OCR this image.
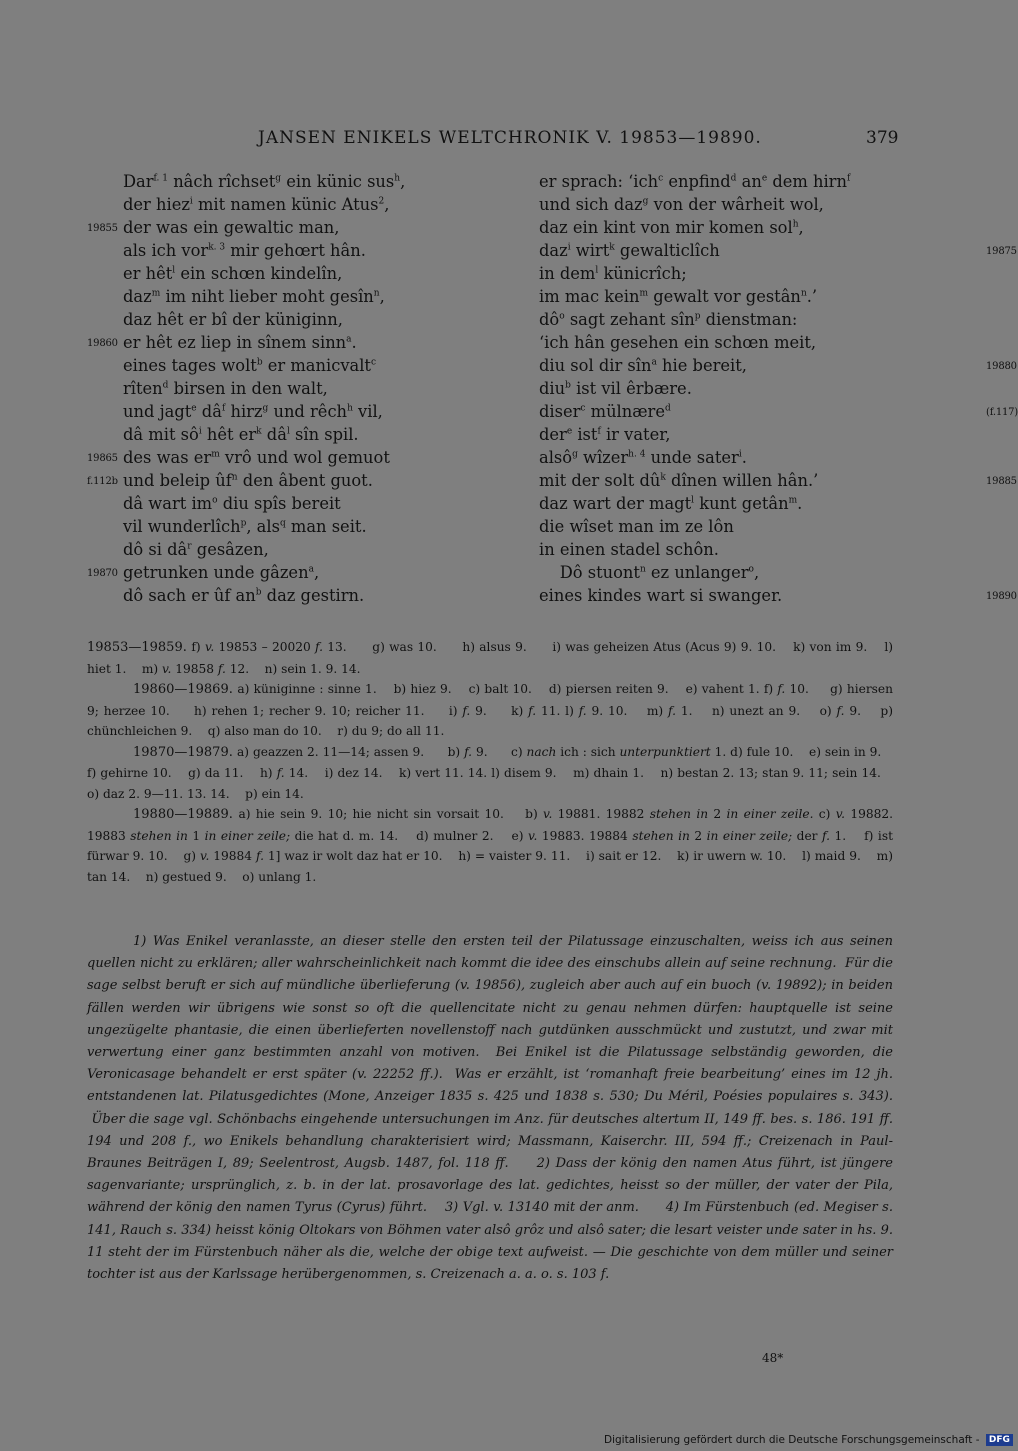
JANSEN ENIKELS WELTCHRONIK V. 19853—19890.	379
Dar$^{f. 1}$ nâch rîchset$^g$ ein künic sus$^h$,
der hiez$^i$ mit namen künic Atus$^2$,
19855 der was ein gewaltic man,
als ich vor$^{k. 3}$ mir gehœrt hân.
er hêt$^l$ ein schœn kindelîn,
daz$^m$ im niht lieber moht gesîn$^n$,
daz hêt er bî der küniginn,
19860 er hêt ez liep in sînem sinn$^a$.
eines tages wolt$^b$ er manicvalt$^c$
rîten$^d$ birsen in den walt,
und jagt$^e$ $dâ^f$ hirz$^g$ und rêch$^h$ vil,
dâ mit $sô^i$ hêt $er^k$ $dâ^l$ sîn spil.
19865 des was $er^m$ vrô und wol gemuot
f.112b und beleip $ûf^n$ den âbent guot.
dâ wart $im^o$ diu spîs bereit
vil wunderlîch$^p$, als$^q$ man seit.
dô si $dâ^r$ gesâzen,
19870 getrunken unde gâzen$^a$,
dô sach er ûf $an^b$ daz gestirn.
er sprach: ‘ich$^c$ enpfind$^d$ $an^e$ dem hirn$^f$
und sich daz$^g$ von der wârheit wol,
daz ein kint von mir komen sol$^h$,
19875
daz$^i$ wirt$^k$ gewalticlîch
in dem$^l$ künicrîch;
im mac kein$^m$ gewalt vor gestân$^n$.’
$dô^o$ sagt zehant sîn$^p$ dienstman:
‘ich hân gesehen ein schœn meit,
19880
diu sol dir sîn$^a$ hie bereit,
diu$^b$ ist vil êrbære.
(f.117)
diser$^c$ mülnære$^d$
der$^e$ ist$^f$ ir vater,
alsô$^g$ wîzer$^{h. 4}$ unde sater$^i$.
19885
mit der solt $dû^k$ dînen willen hân.’
daz wart der magt$^l$ kunt getân$^m$.
die wîset man im ze lôn
in einen stadel schôn.
Dô stuont$^n$ ez unlanger$^o$,
19890
eines kindes wart si swanger.

19853—19859. f) v. 19853 – 20020 f. 13.      g) was 10.      h) alsus 9.      i) was geheizen Atus (Acus 9) 9. 10.    k) von im 9.    l) hiet 1.    m) v. 19858 f. 12.    n) sein 1. 9. 14.

19860—19869. a) küniginne : sinne 1.    b) hiez 9.    c) balt 10.    d) piersen reiten 9.    e) vahent 1. f) f. 10.     g) hiersen 9; herzee 10.     h) rehen 1; recher 9. 10; reicher 11.     i) f. 9.     k) f. 11. l) f. 9. 10.    m) f. 1.    n) unezt an 9.    o) f. 9.    p) chünchleichen 9.    q) also man do 10.    r) du 9; do all 11.

19870—19879. a) geazzen 2. 11—14; assen 9.      b) f. 9.      c) nach ich : sich unterpunktiert 1. d) fule 10.    e) sein in 9.    f) gehirne 10.    g) da 11.    h) f. 14.    i) dez 14.    k) vert 11. 14. l) disem 9.    m) dhain 1.    n) bestan 2. 13; stan 9. 11; sein 14.    o) daz 2. 9—11. 13. 14.    p) ein 14.

19880—19889. a) hie sein 9. 10; hie nicht sin vorsait 10.    b) v. 19881. 19882 stehen in 2 in einer zeile. c) v. 19882. 19883 stehen in 1 in einer zeile; die hat d. m. 14.    d) mulner 2.    e) v. 19883. 19884 stehen in 2 in einer zeile; der f. 1.    f) ist fürwar 9. 10.    g) v. 19884 f. 1] waz ir wolt daz hat er 10.    h) = vaister 9. 11.    i) sait er 12.    k) ir uwern w. 10.    l) maid 9.    m) tan 14.    n) gestued 9.    o) unlang 1.

1) Was Enikel veranlasste, an dieser stelle den ersten teil der Pilatussage einzuschalten, weiss ich aus seinen quellen nicht zu erklären; aller wahrscheinlichkeit nach kommt die idee des einschubs allein auf seine rechnung.  Für die sage selbst beruft er sich auf mündliche überlieferung (v. 19856), zugleich aber auch auf ein buoch (v. 19892); in beiden fällen werden wir übrigens wie sonst so oft die quellencitate nicht zu genau nehmen dürfen: hauptquelle ist seine ungezügelte phantasie, die einen überlieferten novellenstoff nach gutdünken ausschmückt und zustutzt, und zwar mit verwertung einer ganz bestimmten anzahl von motiven.  Bei Enikel ist die Pilatussage selbständig geworden, die Veronicasage behandelt er erst später (v. 22252 ff.).  Was er erzählt, ist ‘romanhaft freie bearbeitung’ eines im 12 jh. entstandenen lat. Pilatusgedichtes (Mone, Anzeiger 1835 s. 425 und 1838 s. 530; Du Méril, Poésies populaires s. 343).  Über die sage vgl. Schönbachs eingehende untersuchungen im Anz. für deutsches altertum II, 149 ff. bes. s. 186. 191 ff. 194 und 208 f., wo Enikels behandlung charakterisiert wird; Massmann, Kaiserchr. III, 594 ff.; Creizenach in Paul-Braunes Beiträgen I, 89; Seelentrost, Augsb. 1487, fol. 118 ff.     2) Dass der könig den namen Atus führt, ist jüngere sagenvariante; ursprünglich, z. b. in der lat. prosavorlage des lat. gedichtes, heisst so der müller, der vater der Pila, während der könig den namen Tyrus (Cyrus) führt.    3) Vgl. v. 13140 mit der anm.      4) Im Fürstenbuch (ed. Megiser s. 141, Rauch s. 334) heisst könig Oltokars von Böhmen vater alsô grôz und alsô sater; die lesart veister unde sater in hs. 9. 11 steht der im Fürstenbuch näher als die, welche der obige text aufweist. — Die geschichte von dem müller und seiner tochter ist aus der Karlssage herübergenommen, s. Creizenach a. a. o. s. 103 f.

48*
Digitalisierung gefördert durch die Deutsche Forschungsgemeinschaft - DFG
